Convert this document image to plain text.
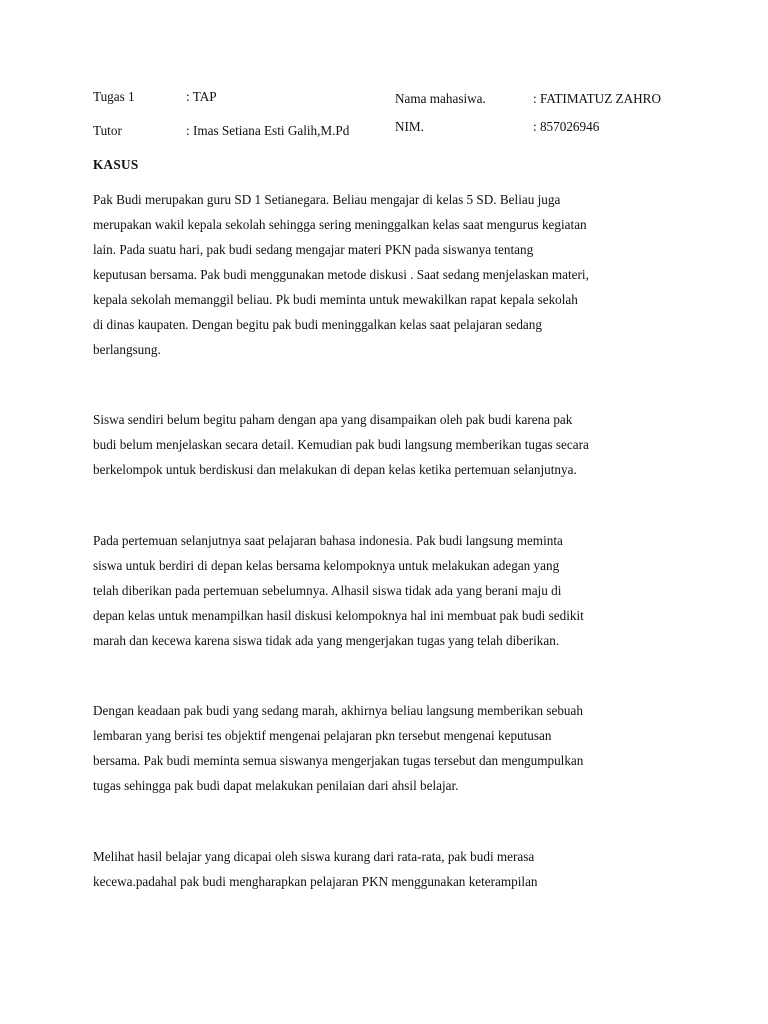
Tugas 1	: TAP	Nama mahasiwa.	: FATIMATUZ ZAHRO
Tutor	: Imas Setiana Esti Galih,M.Pd	NIM.	: 857026946
KASUS
Pak Budi merupakan guru SD 1 Setianegara. Beliau mengajar di kelas 5 SD. Beliau juga
merupakan wakil kepala sekolah sehingga sering meninggalkan kelas saat mengurus kegiatan
lain. Pada suatu hari, pak budi sedang mengajar materi PKN pada siswanya tentang
keputusan bersama. Pak budi menggunakan metode diskusi . Saat sedang menjelaskan materi,
kepala sekolah memanggil beliau. Pk budi meminta untuk mewakilkan rapat kepala sekolah
di dinas kaupaten. Dengan begitu pak budi meninggalkan kelas saat pelajaran sedang
berlangsung.
Siswa sendiri belum begitu paham dengan apa yang disampaikan oleh pak budi karena pak
budi belum menjelaskan secara detail. Kemudian pak budi langsung memberikan tugas secara
berkelompok untuk berdiskusi dan melakukan di depan kelas ketika pertemuan selanjutnya.
Pada pertemuan selanjutnya saat pelajaran bahasa indonesia. Pak budi langsung meminta
siswa untuk berdiri di depan kelas bersama kelompoknya untuk melakukan adegan yang
telah diberikan pada pertemuan sebelumnya. Alhasil siswa tidak ada yang berani maju di
depan kelas untuk menampilkan hasil diskusi kelompoknya hal ini membuat pak budi sedikit
marah dan kecewa karena siswa tidak ada yang mengerjakan tugas yang telah diberikan.
Dengan keadaan pak budi yang sedang marah, akhirnya beliau langsung memberikan sebuah
lembaran yang berisi tes objektif mengenai pelajaran pkn tersebut mengenai keputusan
bersama. Pak budi meminta semua siswanya mengerjakan tugas tersebut dan mengumpulkan
tugas sehingga pak budi dapat melakukan penilaian dari ahsil belajar.
Melihat hasil belajar yang dicapai oleh siswa kurang dari rata-rata, pak budi merasa
kecewa.padahal pak budi mengharapkan pelajaran PKN menggunakan keterampilan
